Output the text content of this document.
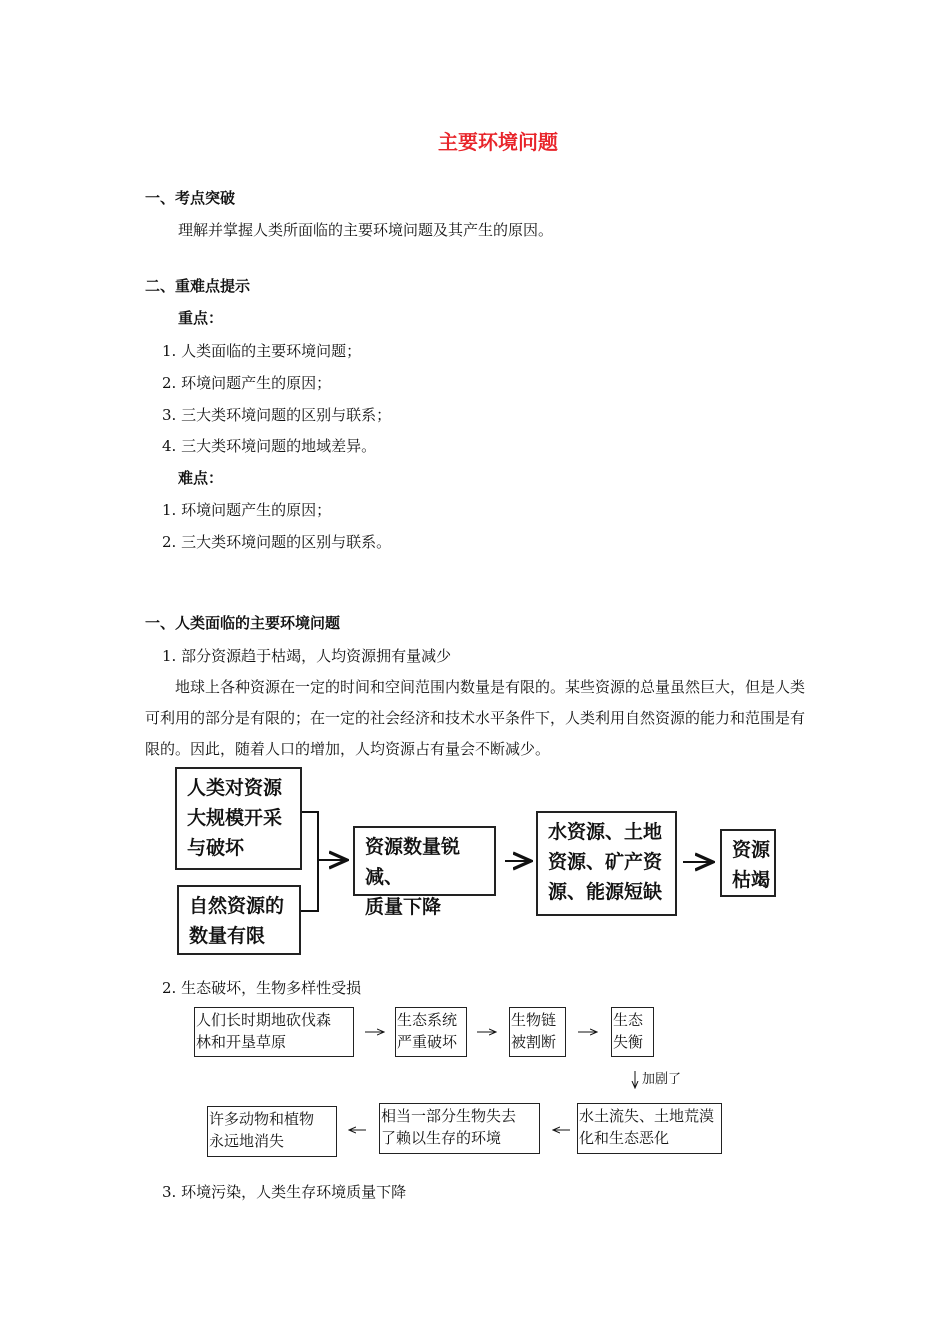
主要环境问题
一、考点突破
理解并掌握人类所面临的主要环境问题及其产生的原因。
二、重难点提示
重点：
1. 人类面临的主要环境问题；
2. 环境问题产生的原因；
3. 三大类环境问题的区别与联系；
4. 三大类环境问题的地域差异。
难点：
1. 环境问题产生的原因；
2. 三大类环境问题的区别与联系。
一、人类面临的主要环境问题
1. 部分资源趋于枯竭，人均资源拥有量减少
地球上各种资源在一定的时间和空间范围内数量是有限的。某些资源的总量虽然巨大，但是人类可利用的部分是有限的；在一定的社会经济和技术水平条件下，人类利用自然资源的能力和范围是有限的。因此，随着人口的增加，人均资源占有量会不断减少。
人类对资源
大规模开采
与破坏
自然资源的
数量有限
资源数量锐减、
质量下降
水资源、土地
资源、矿产资
源、能源短缺
资源
枯竭
2. 生态破坏，生物多样性受损
人们长时期地砍伐森
林和开垦草原
生态系统
严重破坏
生物链
被割断
生态
失衡
加剧了
水土流失、土地荒漠
化和生态恶化
相当一部分生物失去
了赖以生存的环境
许多动物和植物
永远地消失
3. 环境污染，人类生存环境质量下降
